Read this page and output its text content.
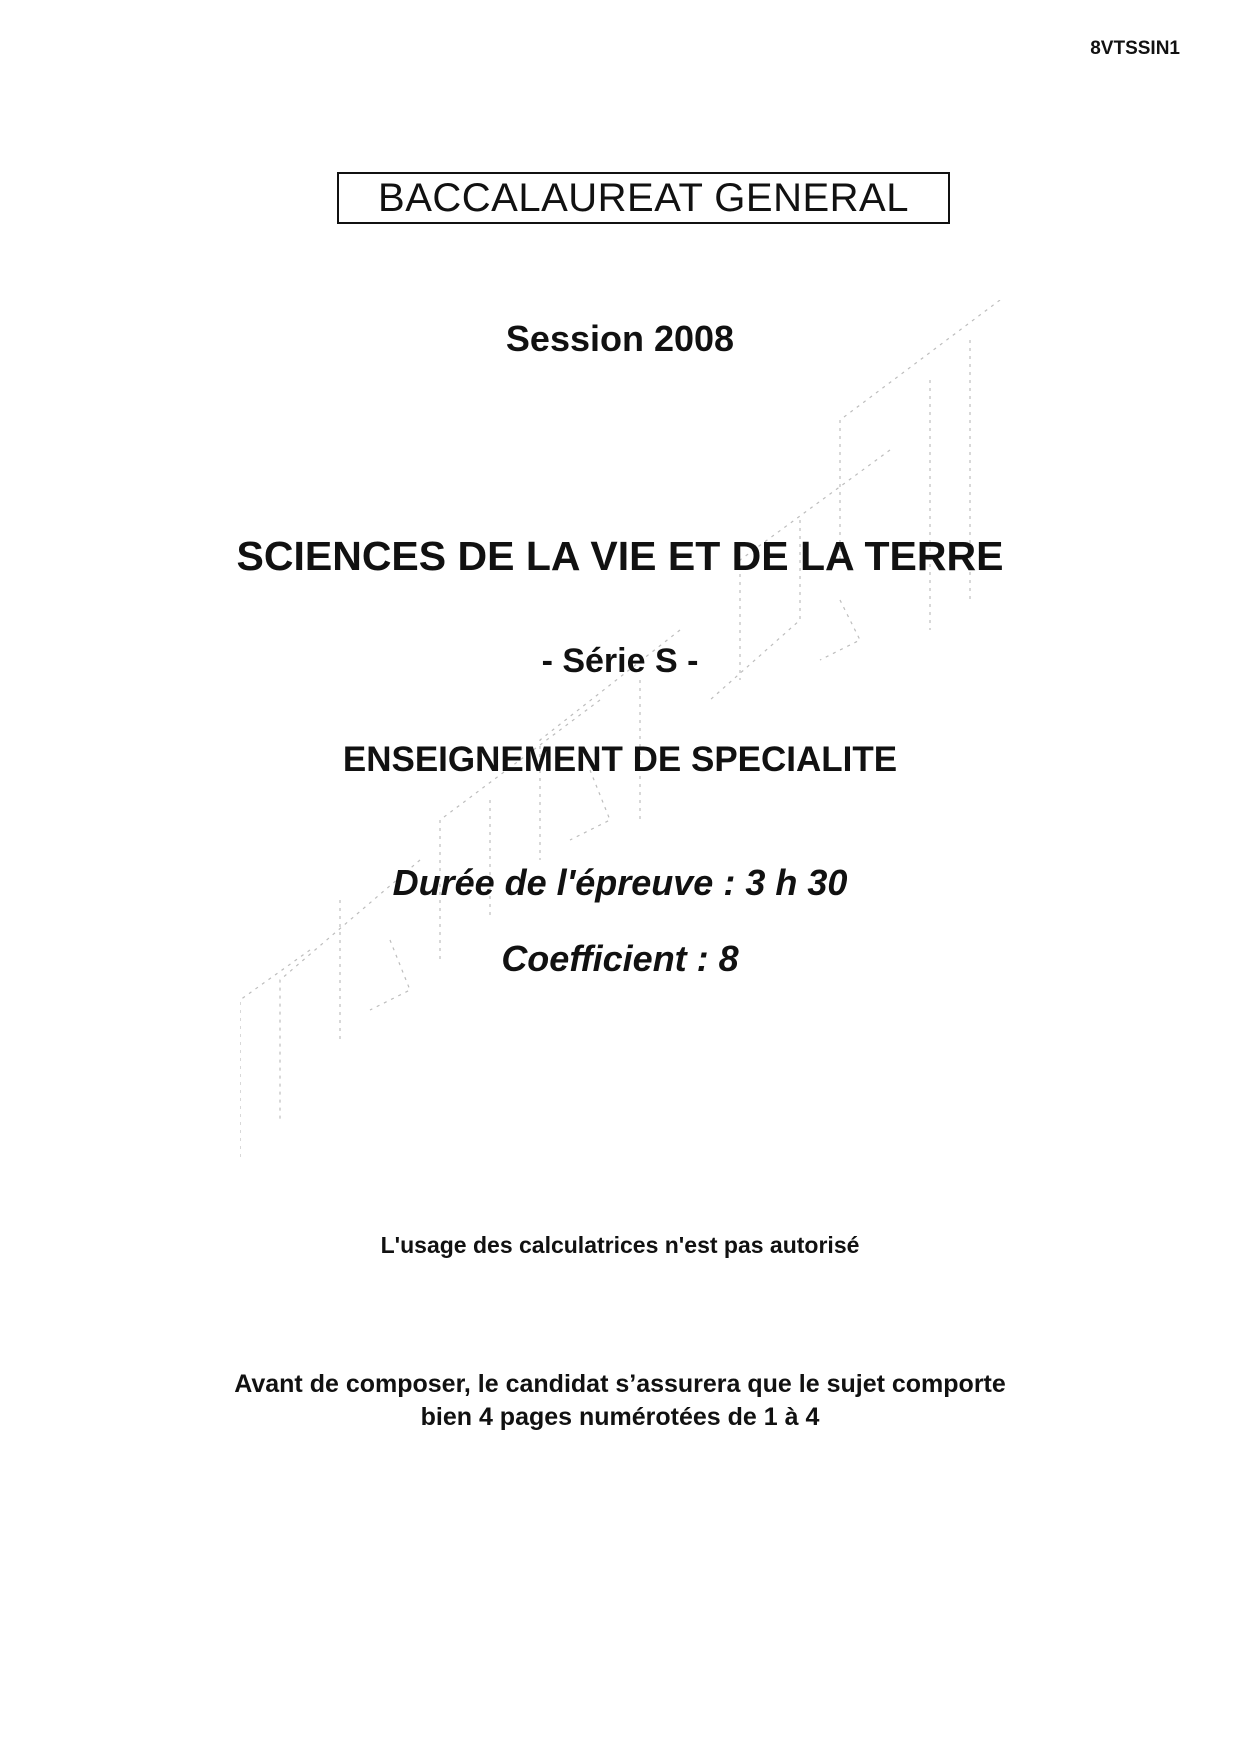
8VTSSIN1
BACCALAUREAT GENERAL
Session 2008
SCIENCES DE LA VIE ET DE LA TERRE
- Série S -
ENSEIGNEMENT DE SPECIALITE
Durée de l'épreuve : 3 h 30
Coefficient : 8
L'usage des calculatrices n'est pas autorisé
Avant de composer, le candidat s’assurera que le sujet comporte
bien 4 pages numérotées de 1 à 4
